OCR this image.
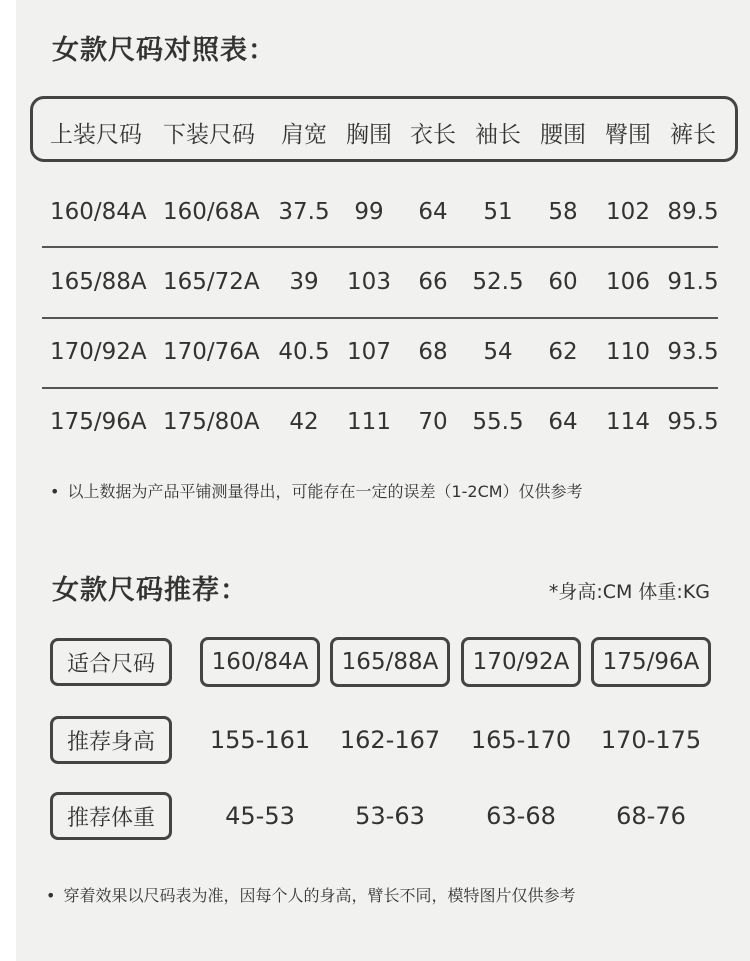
女款尺码对照表：
上装尺码 下装尺码	肩宽 胸围 衣长 袖长 腰围 臀围 裤长
160/84A 160/68A 37.5	99	64	51	58	102 89.5
165/88A 165/72A	39	103	66	52.5	60	106 91.5
170/92A 170/76A 40.5 107	68	54	62	110 93.5
175/96A 175/80A	42	111	70	55.5	64	114 95.5
• 以上数据为产品平铺测量得出，可能存在一定的误差（1-2CM）仅供参考
女款尺码推荐：	*身高:CM 体重:KG
适合尺码	160/84A	165/88A	170/92A	175/96A
推荐身高	155-161	162-167	165-170	170-175
推荐体重	45-53	53-63	63-68	68-76
• 穿着效果以尺码表为准，因每个人的身高，臂长不同，模特图片仅供参考
